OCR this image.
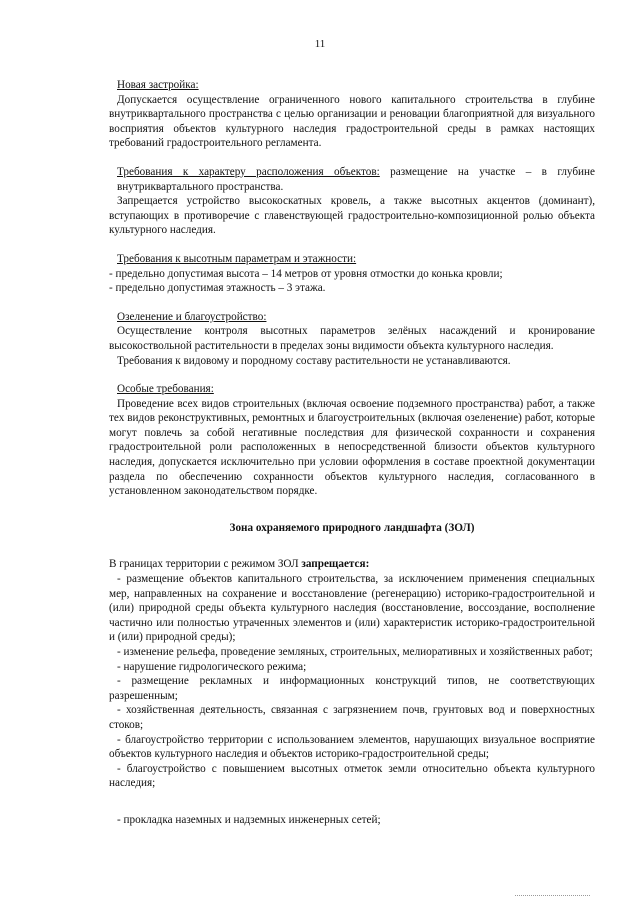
11

Новая застройка:

Допускается осуществление ограниченного нового капитального строительства в глубине внутриквартального пространства с целью организации и реновации благоприятной для визуального восприятия объектов культурного наследия градостроительной среды в рамках настоящих требований градостроительного регламента.

Требования к характеру расположения объектов: размещение на участке – в глубине внутриквартального пространства.

Запрещается устройство высокоскатных кровель, а также высотных акцентов (доминант), вступающих в противоречие с главенствующей градостроительно-композиционной ролью объекта культурного наследия.

Требования к высотным параметрам и этажности:

- предельно допустимая высота – 14 метров от уровня отмостки до конька кровли;

- предельно допустимая этажность – 3 этажа.

Озеленение и благоустройство:

Осуществление контроля высотных параметров зелёных насаждений и кронирование высокоствольной растительности в пределах зоны видимости объекта культурного наследия.

Требования к видовому и породному составу растительности не устанавливаются.

Особые требования:

Проведение всех видов строительных (включая освоение подземного пространства) работ, а также тех видов реконструктивных, ремонтных и благоустроительных (включая озеленение) работ, которые могут повлечь за собой негативные последствия для физической сохранности и сохранения градостроительной роли расположенных в непосредственной близости объектов культурного наследия, допускается исключительно при условии оформления в составе проектной документации раздела по обеспечению сохранности объектов культурного наследия, согласованного в установленном законодательством порядке.

Зона охраняемого природного ландшафта (ЗОЛ)

В границах территории с режимом ЗОЛ запрещается:

- размещение объектов капитального строительства, за исключением применения специальных мер, направленных на сохранение и восстановление (регенерацию) историко-градостроительной и (или) природной среды объекта культурного наследия (восстановление, воссоздание, восполнение частично или полностью утраченных элементов и (или) характеристик историко-градостроительной и (или) природной среды);

- изменение рельефа, проведение земляных, строительных, мелиоративных и хозяйственных работ;

- нарушение гидрологического режима;

- размещение рекламных и информационных конструкций типов, не соответствующих разрешенным;

- хозяйственная деятельность, связанная с загрязнением почв, грунтовых вод и поверхностных стоков;

- благоустройство территории с использованием элементов, нарушающих визуальное восприятие объектов культурного наследия и объектов историко-градостроительной среды;

- благоустройство с повышением высотных отметок земли относительно объекта культурного наследия;

- прокладка наземных и надземных инженерных сетей;
